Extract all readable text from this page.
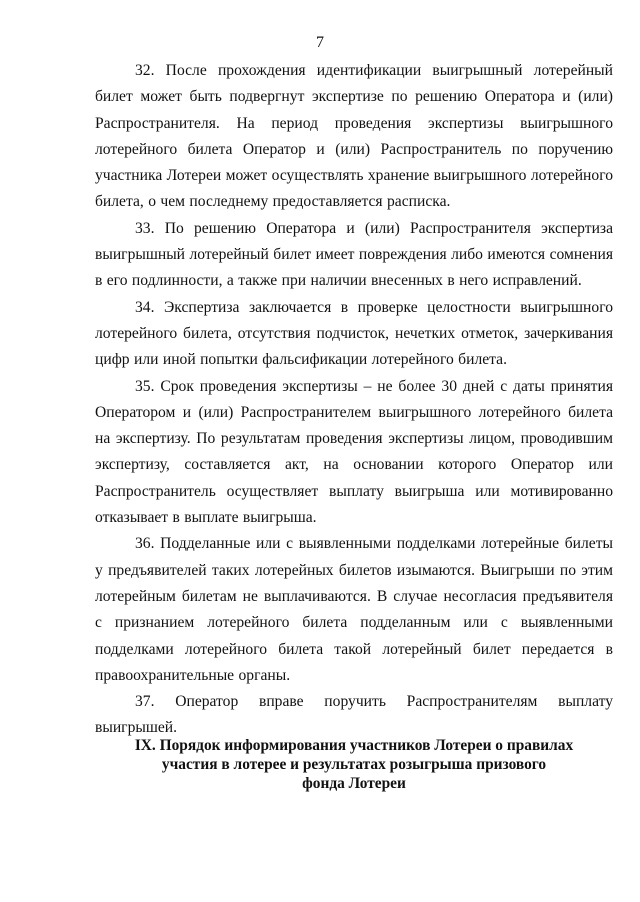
7

32. После прохождения идентификации выигрышный лотерейный билет может быть подвергнут экспертизе по решению Оператора и (или) Распространителя. На период проведения экспертизы выигрышного лотерейного билета Оператор и (или) Распространитель по поручению участника Лотереи может осуществлять хранение выигрышного лотерейного билета, о чем последнему предоставляется расписка.

33. По решению Оператора и (или) Распространителя экспертиза выигрышный лотерейный билет имеет повреждения либо имеются сомнения в его подлинности, а также при наличии внесенных в него исправлений.

34. Экспертиза заключается в проверке целостности выигрышного лотерейного билета, отсутствия подчисток, нечетких отметок, зачеркивания цифр или иной попытки фальсификации лотерейного билета.

35. Срок проведения экспертизы – не более 30 дней с даты принятия Оператором и (или) Распространителем выигрышного лотерейного билета на экспертизу. По результатам проведения экспертизы лицом, проводившим экспертизу, составляется акт, на основании которого Оператор или Распространитель осуществляет выплату выигрыша или мотивированно отказывает в выплате выигрыша.

36. Подделанные или с выявленными подделками лотерейные билеты у предъявителей таких лотерейных билетов изымаются. Выигрыши по этим лотерейным билетам не выплачиваются. В случае несогласия предъявителя с признанием лотерейного билета подделанным или с выявленными подделками лотерейного билета такой лотерейный билет передается в правоохранительные органы.

37. Оператор вправе поручить Распространителям выплату выигрышей.

IX. Порядок информирования участников Лотереи о правилах
участия в лотерее и результатах розыгрыша призового
фонда Лотереи
